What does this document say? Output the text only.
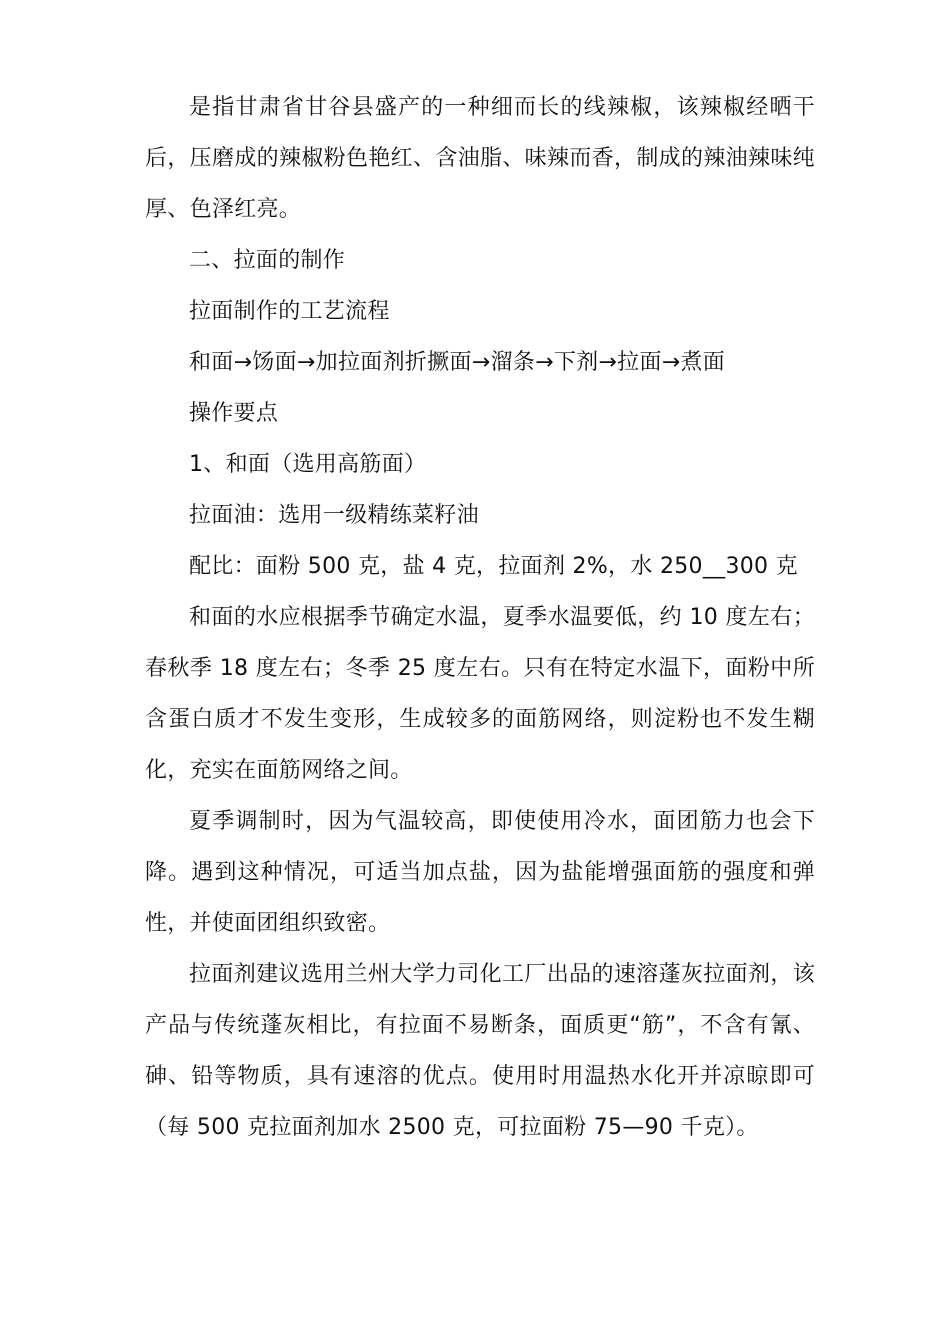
是指甘肃省甘谷县盛产的一种细而长的线辣椒，该辣椒经晒干后，压磨成的辣椒粉色艳红、含油脂、味辣而香，制成的辣油辣味纯厚、色泽红亮。

二、拉面的制作

拉面制作的工艺流程

和面→饧面→加拉面剂折撅面→溜条→下剂→拉面→煮面

操作要点

1、和面（选用高筋面）

拉面油：选用一级精练菜籽油

配比：面粉 500 克，盐 4 克，拉面剂 2%，水 250__300 克

和面的水应根据季节确定水温，夏季水温要低，约 10 度左右；春秋季 18 度左右；冬季 25 度左右。只有在特定水温下，面粉中所含蛋白质才不发生变形，生成较多的面筋网络，则淀粉也不发生糊化，充实在面筋网络之间。

夏季调制时，因为气温较高，即使使用冷水，面团筋力也会下降。遇到这种情况，可适当加点盐，因为盐能增强面筋的强度和弹性，并使面团组织致密。

拉面剂建议选用兰州大学力司化工厂出品的速溶蓬灰拉面剂，该产品与传统蓬灰相比，有拉面不易断条，面质更“筋”，不含有氰、砷、铅等物质，具有速溶的优点。使用时用温热水化开并凉晾即可（每 500 克拉面剂加水 2500 克，可拉面粉 75—90 千克）。
